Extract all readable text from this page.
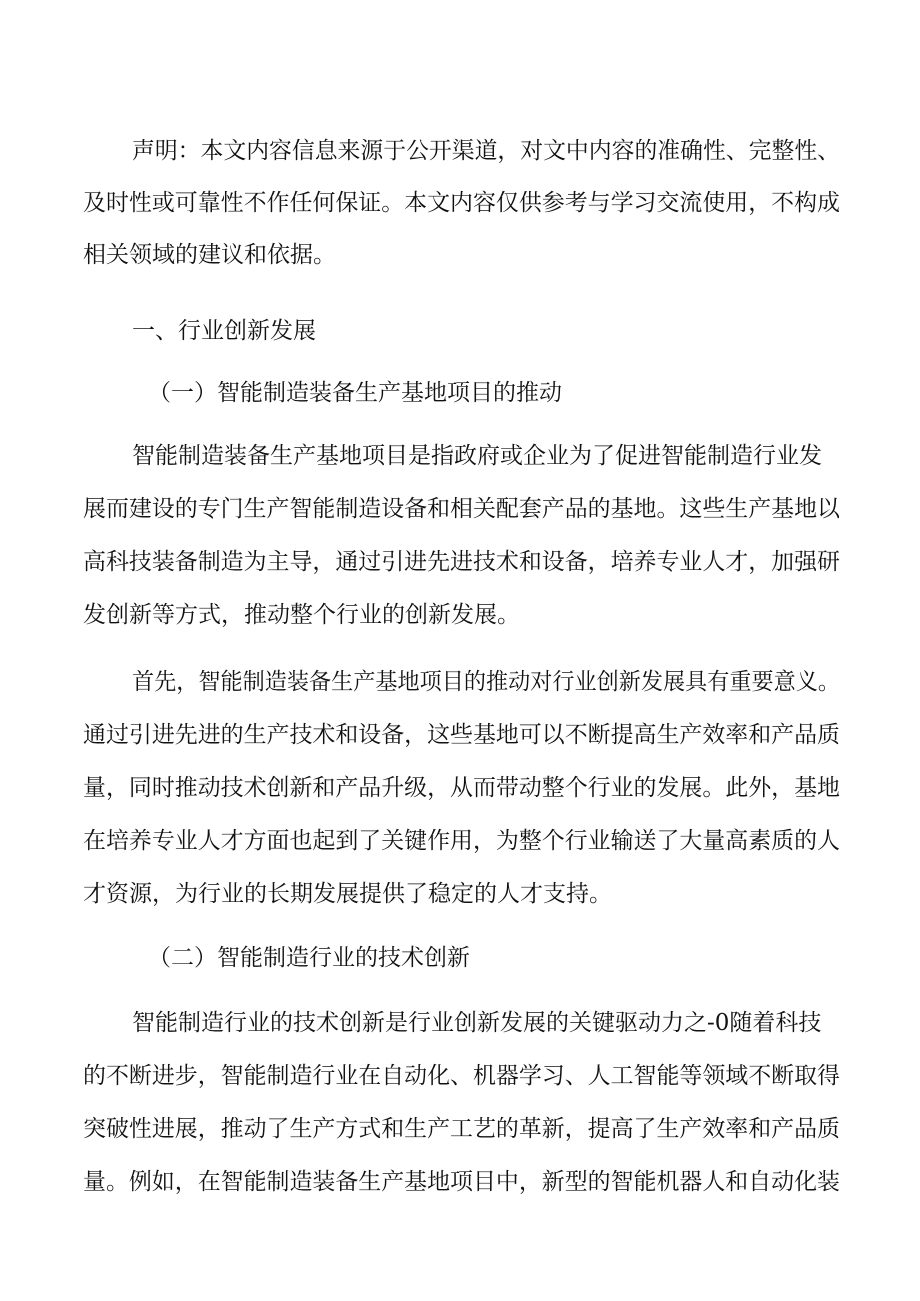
声明：本文内容信息来源于公开渠道，对文中内容的准确性、完整性、
及时性或可靠性不作任何保证。本文内容仅供参考与学习交流使用，不构成
相关领域的建议和依据。
一、行业创新发展
（一）智能制造装备生产基地项目的推动
智能制造装备生产基地项目是指政府或企业为了促进智能制造行业发
展而建设的专门生产智能制造设备和相关配套产品的基地。这些生产基地以
高科技装备制造为主导，通过引进先进技术和设备，培养专业人才，加强研
发创新等方式，推动整个行业的创新发展。
首先，智能制造装备生产基地项目的推动对行业创新发展具有重要意义。
通过引进先进的生产技术和设备，这些基地可以不断提高生产效率和产品质
量，同时推动技术创新和产品升级，从而带动整个行业的发展。此外，基地
在培养专业人才方面也起到了关键作用，为整个行业输送了大量高素质的人
才资源，为行业的长期发展提供了稳定的人才支持。
（二）智能制造行业的技术创新
智能制造行业的技术创新是行业创新发展的关键驱动力之-0随着科技
的不断进步，智能制造行业在自动化、机器学习、人工智能等领域不断取得
突破性进展，推动了生产方式和生产工艺的革新，提高了生产效率和产品质
量。例如，在智能制造装备生产基地项目中，新型的智能机器人和自动化装
